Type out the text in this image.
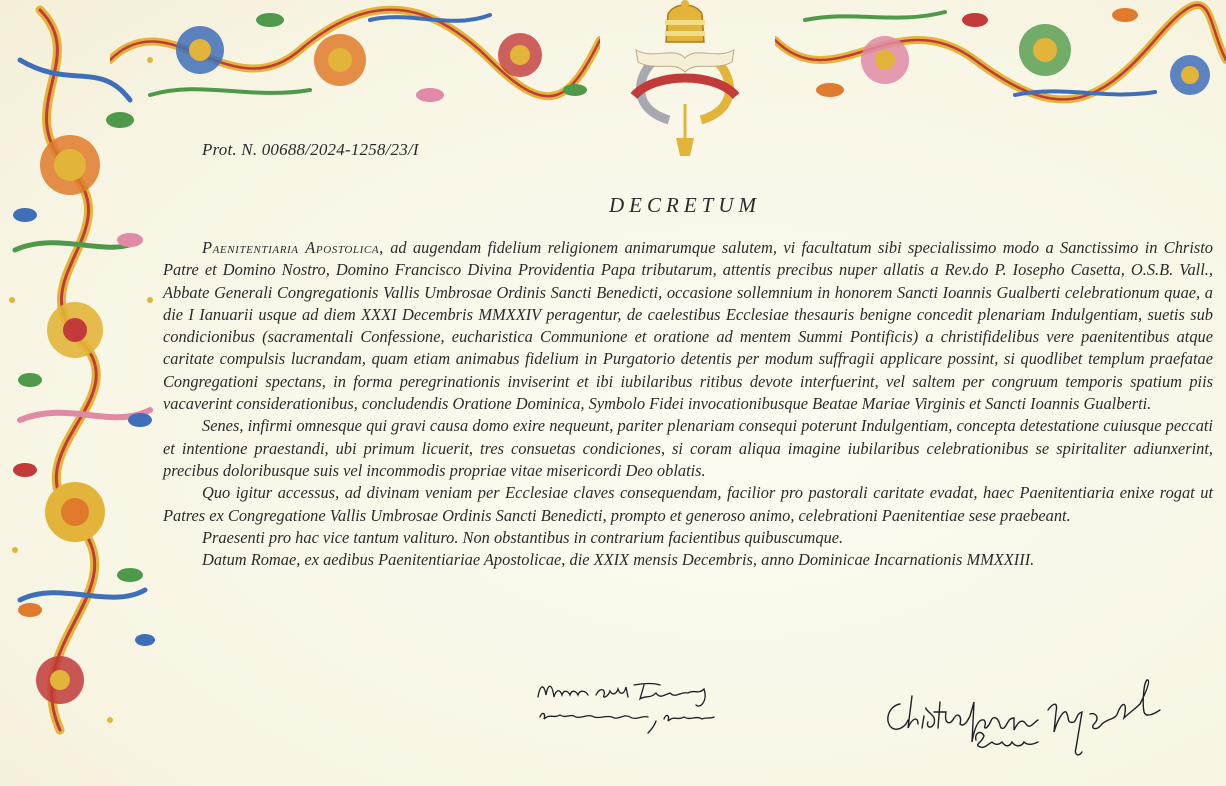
Prot. N. 00688/2024-1258/23/I
DECRETUM

Paenitentiaria Apostolica, ad augendam fidelium religionem animarumque salutem, vi facultatum sibi specialissimo modo a Sanctissimo in Christo Patre et Domino Nostro, Domino Francisco Divina Providentia Papa tributarum, attentis precibus nuper allatis a Rev.do P. Iosepho Casetta, O.S.B. Vall., Abbate Generali Congregationis Vallis Umbrosae Ordinis Sancti Benedicti, occasione sollemnium in honorem Sancti Ioannis Gualberti celebrationum quae, a die I Ianuarii usque ad diem XXXI Decembris MMXXIV peragentur, de caelestibus Ecclesiae thesauris benigne concedit plenariam Indulgentiam, suetis sub condicionibus (sacramentali Confessione, eucharistica Communione et oratione ad mentem Summi Pontificis) a christifidelibus vere paenitentibus atque caritate compulsis lucrandam, quam etiam animabus fidelium in Purgatorio detentis per modum suffragii applicare possint, si quodlibet templum praefatae Congregationi spectans, in forma peregrinationis inviserint et ibi iubilaribus ritibus devote interfuerint, vel saltem per congruum temporis spatium piis vacaverint considerationibus, concludendis Oratione Dominica, Symbolo Fidei invocationibusque Beatae Mariae Virginis et Sancti Ioannis Gualberti.

Senes, infirmi omnesque qui gravi causa domo exire nequeunt, pariter plenariam consequi poterunt Indulgentiam, concepta detestatione cuiusque peccati et intentione praestandi, ubi primum licuerit, tres consuetas condiciones, si coram aliqua imagine iubilaribus celebrationibus se spiritaliter adiunxerint, precibus doloribusque suis vel incommodis propriae vitae misericordi Deo oblatis.

Quo igitur accessus, ad divinam veniam per Ecclesiae claves consequendam, facilior pro pastorali caritate evadat, haec Paenitentiaria enixe rogat ut Patres ex Congregatione Vallis Umbrosae Ordinis Sancti Benedicti, prompto et generoso animo, celebrationi Paenitentiae sese praebeant.

Praesenti pro hac vice tantum valituro. Non obstantibus in contrarium facientibus quibuscumque.

Datum Romae, ex aedibus Paenitentiariae Apostolicae, die XXIX mensis Decembris, anno Dominicae Incarnationis MMXXIII.
